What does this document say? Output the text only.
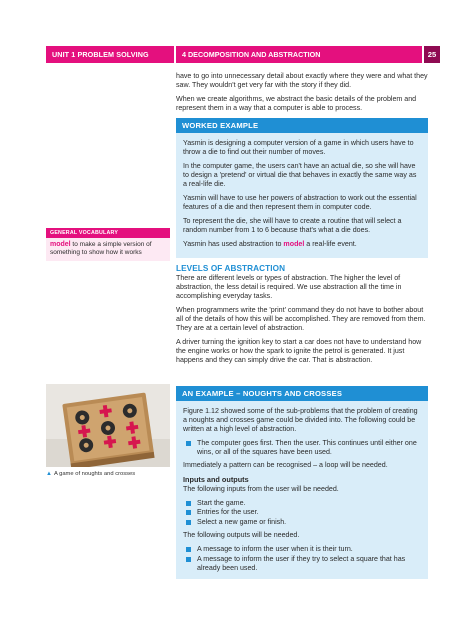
UNIT 1 PROBLEM SOLVING	4 DECOMPOSITION AND ABSTRACTION	25

have to go into unnecessary detail about exactly where they were and what they saw. They wouldn't get very far with the story if they did.

When we create algorithms, we abstract the basic details of the problem and represent them in a way that a computer is able to process.

WORKED EXAMPLE

Yasmin is designing a computer version of a game in which users have to throw a die to find out their number of moves.

In the computer game, the users can't have an actual die, so she will have to design a 'pretend' or virtual die that behaves in exactly the same way as a real-life die.

Yasmin will have to use her powers of abstraction to work out the essential features of a die and then represent them in computer code.

To represent the die, she will have to create a routine that will select a random number from 1 to 6 because that's what a die does.

Yasmin has used abstraction to model a real-life event.

LEVELS OF ABSTRACTION

There are different levels or types of abstraction. The higher the level of abstraction, the less detail is required. We use abstraction all the time in accomplishing everyday tasks.

When programmers write the 'print' command they do not have to bother about all of the details of how this will be accomplished. They are removed from them. They are at a certain level of abstraction.

A driver turning the ignition key to start a car does not have to understand how the engine works or how the spark to ignite the petrol is generated. It just happens and they can simply drive the car. That is abstraction.

GENERAL VOCABULARY
model to make a simple version of something to show how it works
▲ A game of noughts and crosses
AN EXAMPLE – NOUGHTS AND CROSSES

Figure 1.12 showed some of the sub-problems that the problem of creating a noughts and crosses game could be divided into. The following could be written at a high level of abstraction.

The computer goes first. Then the user. This continues until either one wins, or all of the squares have been used.

Immediately a pattern can be recognised – a loop will be needed.

Inputs and outputs

The following inputs from the user will be needed.

Start the game.
Entries for the user.
Select a new game or finish.

The following outputs will be needed.

A message to inform the user when it is their turn.
A message to inform the user if they try to select a square that has already been used.
